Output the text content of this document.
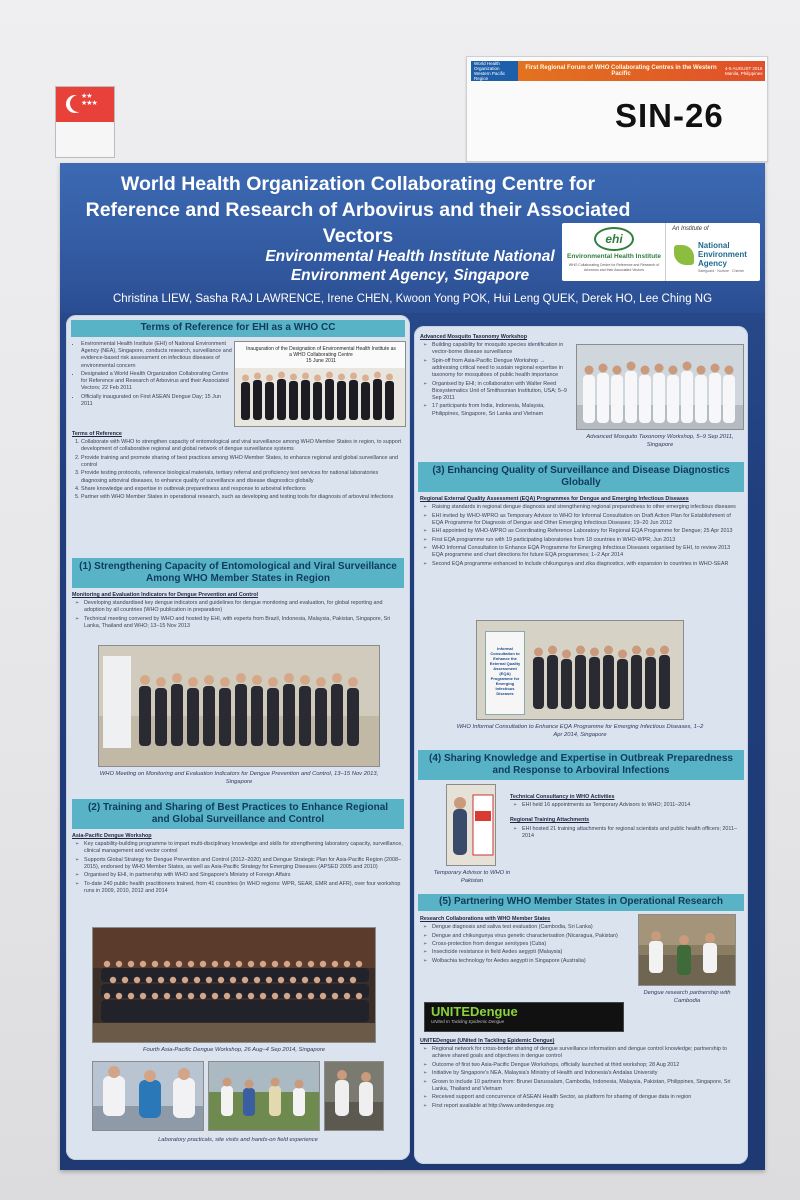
World Health Organization Western Pacific Region
First Regional Forum of WHO Collaborating Centres in the Western Pacific
4-5 AUGUST 2016 Manila, Philippines
SIN-26
★★
★★★
World Health Organization Collaborating Centre for Reference and Research of Arbovirus and their Associated Vectors
Environmental Health Institute National Environment Agency, Singapore
ehi
Environmental Health Institute
WHO Collaborating Centre for Reference and Research of Arbovirus and their Associated Vectors
An Institute of
National Environment Agency
Safeguard · Nurture · Cherish
Christina LIEW, Sasha RAJ LAWRENCE, Irene CHEN, Kwoon Yong POK, Hui Leng QUEK, Derek HO, Lee Ching NG
Terms of Reference for EHI as a WHO CC
• Environmental Health Institute (EHI) of National Environment Agency (NEA), Singapore, conducts research, surveillance and evidence-based risk assessment on infectious diseases of environmental concern
• Designated a World Health Organization Collaborating Centre for Reference and Research of Arbovirus and their Associated Vectors; 22 Feb 2011
• Officially inaugurated on First ASEAN Dengue Day; 15 Jun 2011
Inauguration of the Designation of Environmental Health Institute as a WHO Collaborating Centre
15 June 2011
Terms of Reference
1. Collaborate with WHO to strengthen capacity of entomological and viral surveillance among WHO Member States in region, to support development of collaborative regional and global network of dengue surveillance systems
2. Provide training and promote sharing of best practices among WHO Member States, to enhance regional and global surveillance and control
3. Provide testing protocols, reference biological materials, tertiary referral and proficiency test services for national laboratories diagnosing arboviral diseases, to enhance quality of surveillance and disease diagnostics globally
4. Share knowledge and expertise in outbreak preparedness and response to arboviral infections
5. Partner with WHO Member States in operational research, such as developing and testing tools for diagnosis of arboviral infections
(1) Strengthening Capacity of Entomological and Viral Surveillance Among WHO Member States in Region
Monitoring and Evaluation Indicators for Dengue Prevention and Control
➢ Developing standardised key dengue indicators and guidelines for dengue monitoring and evaluation, for global reporting and adoption by all countries (WHO publication in preparation)
➢ Technical meeting convened by WHO and hosted by EHI, with experts from Brazil, Indonesia, Malaysia, Pakistan, Singapore, Sri Lanka, Thailand and WHO; 13–15 Nov 2013
WHO Meeting on Monitoring and Evaluation Indicators for Dengue Prevention and Control, 13–15 Nov 2013, Singapore
(2) Training and Sharing of Best Practices to Enhance Regional and Global Surveillance and Control
Asia-Pacific Dengue Workshop
➢ Key capability-building programme to impart multi-disciplinary knowledge and skills for strengthening laboratory capacity, surveillance, clinical management and vector control
➢ Supports Global Strategy for Dengue Prevention and Control (2012–2020) and Dengue Strategic Plan for Asia-Pacific Region (2008–2015), endorsed by WHO Member States, as well as Asia-Pacific Strategy for Emerging Diseases (APSED 2005 and 2010)
➢ Organised by EHI, in partnership with WHO and Singapore's Ministry of Foreign Affairs
➢ To-date 240 public health practitioners trained, from 41 countries (in WHO regions: WPR, SEAR, EMR and AFR), over four workshop runs in 2009, 2010, 2012 and 2014
Fourth Asia-Pacific Dengue Workshop, 26 Aug–4 Sep 2014, Singapore
Laboratory practicals, site visits and hands-on field experience
Advanced Mosquito Taxonomy Workshop
➢ Building capability for mosquito species identification in vector-borne disease surveillance
➢ Spin-off from Asia-Pacific Dengue Workshop → addressing critical need to sustain regional expertise in taxonomy for mosquitoes of public health importance
➢ Organised by EHI; in collaboration with Walter Reed Biosystematics Unit of Smithsonian Institution, USA; 5–9 Sep 2011
➢ 17 participants from India, Indonesia, Malaysia, Philippines, Singapore, Sri Lanka and Vietnam
Advanced Mosquito Taxonomy Workshop, 5–9 Sep 2011, Singapore
(3) Enhancing Quality of Surveillance and Disease Diagnostics Globally
Regional External Quality Assessment (EQA) Programmes for Dengue and Emerging Infectious Diseases
➢ Raising standards in regional dengue diagnosis and strengthening regional preparedness to other emerging infectious diseases
➢ EHI invited by WHO-WPRO as Temporary Advisor to WHO for Informal Consultation on Draft Action Plan for Establishment of EQA Programme for Diagnosis of Dengue and Other Emerging Infectious Diseases; 19–20 Jun 2012
➢ EHI appointed by WHO-WPRO as Coordinating Reference Laboratory for Regional EQA Programme for Dengue; 25 Apr 2013
➢ First EQA programme run with 19 participating laboratories from 18 countries in WHO-WPR; Jun 2013
➢ WHO Informal Consultation to Enhance EQA Programme for Emerging Infectious Diseases organised by EHI, to review 2013 EQA programme and chart directions for future EQA programmes; 1–2 Apr 2014
➢ Second EQA programme enhanced to include chikungunya and zika diagnostics, with expansion to countries in WHO-SEAR
Informal Consultation to Enhance the External Quality Assessment (EQA) Programme for Emerging Infectious Diseases
WHO Informal Consultation to Enhance EQA Programme for Emerging Infectious Diseases, 1–2 Apr 2014, Singapore
(4) Sharing Knowledge and Expertise in Outbreak Preparedness and Response to Arboviral Infections
Temporary Advisor to WHO in Pakistan
Technical Consultancy in WHO Activities
➢ EHI held 16 appointments as Temporary Advisors to WHO; 2011–2014
Regional Training Attachments
➢ EHI hosted 21 training attachments for regional scientists and public health officers; 2011–2014
(5) Partnering WHO Member States in Operational Research
Research Collaborations with WHO Member States
➢ Dengue diagnosis and saliva test evaluation (Cambodia, Sri Lanka)
➢ Dengue and chikungunya virus genetic characterisation (Nicaragua, Pakistan)
➢ Cross-protection from dengue serotypes (Cuba)
➢ Insecticide resistance in field Aedes aegypti (Malaysia)
➢ Wolbachia technology for Aedes aegypti in Singapore (Australia)
Dengue research partnership with Cambodia
UNITEDengue
UNited In Tackling Epidemic Dengue
UNITEDengue (UNited In Tackling Epidemic Dengue)
➢ Regional network for cross-border sharing of dengue surveillance information and dengue control knowledge; partnership to achieve shared goals and objectives in dengue control
➢ Outcome of first two Asia-Pacific Dengue Workshops, officially launched at third workshop; 28 Aug 2012
➢ Initiative by Singapore's NEA, Malaysia's Ministry of Health and Indonesia's Andalas University
➢ Grown to include 10 partners from: Brunei Darussalam, Cambodia, Indonesia, Malaysia, Pakistan, Philippines, Singapore, Sri Lanka, Thailand and Vietnam
➢ Received support and concurrence of ASEAN Health Sector, as platform for sharing of dengue data in region
➢ First report available at http://www.unitedengue.org
